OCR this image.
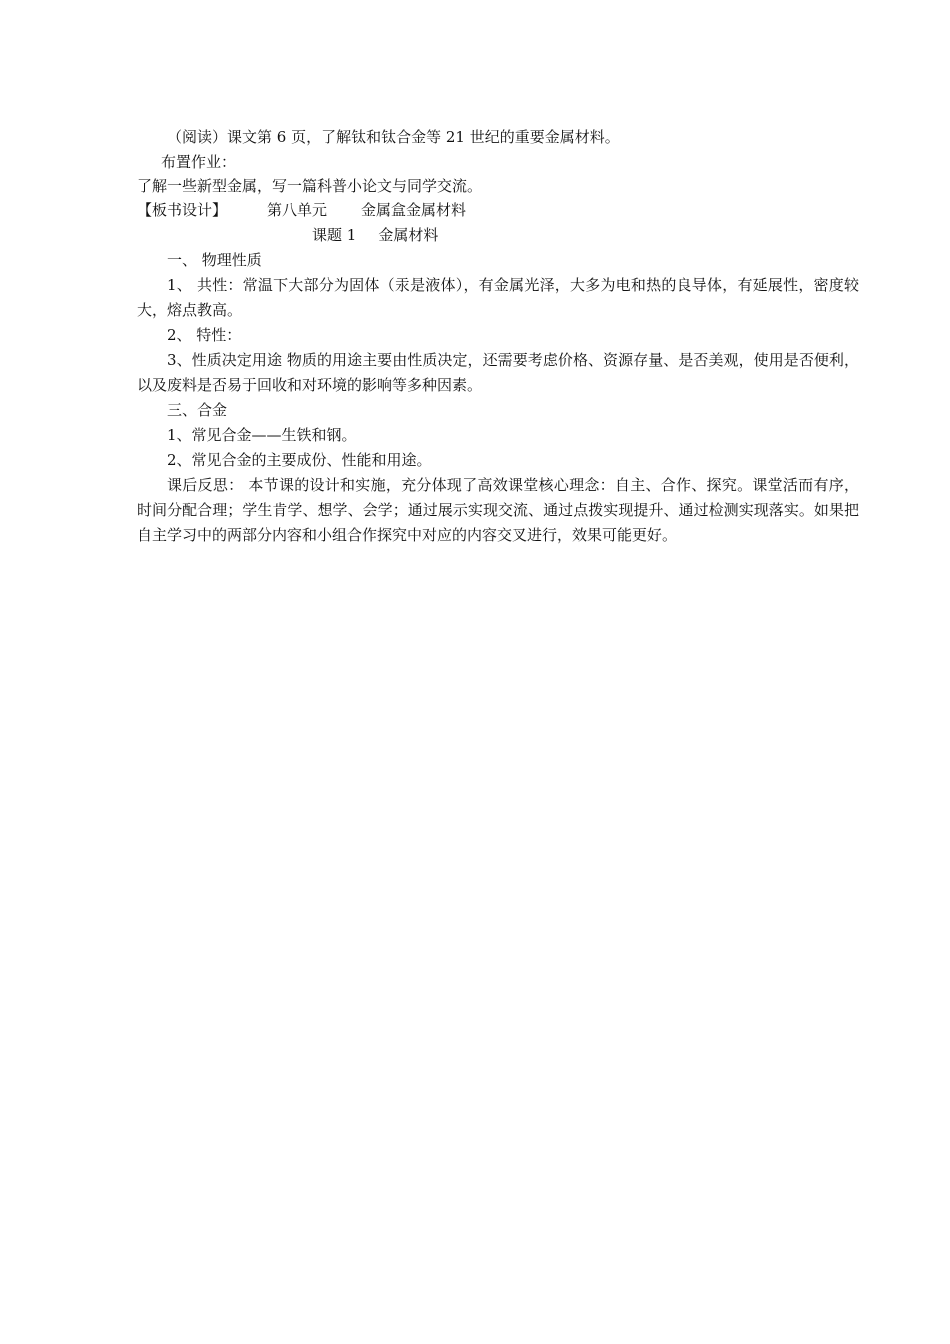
（阅读）课文第 6 页，了解钛和钛合金等 21 世纪的重要金属材料。
布置作业：
了解一些新型金属，写一篇科普小论文与同学交流。
【板书设计】	第八单元 金属盒金属材料
课题 1 金属材料
一、 物理性质
1、 共性：常温下大部分为固体（汞是液体），有金属光泽，大多为电和热的良导体，有延展性，密度较大，熔点教高。
2、 特性：
3、性质决定用途 物质的用途主要由性质决定，还需要考虑价格、资源存量、是否美观，使用是否便利，以及废料是否易于回收和对环境的影响等多种因素。
三、合金
1、常见合金——生铁和钢。
2、常见合金的主要成份、性能和用途。
课后反思： 本节课的设计和实施，充分体现了高效课堂核心理念：自主、合作、探究。课堂活而有序，时间分配合理；学生肯学、想学、会学；通过展示实现交流、通过点拨实现提升、通过检测实现落实。如果把自主学习中的两部分内容和小组合作探究中对应的内容交叉进行，效果可能更好。
